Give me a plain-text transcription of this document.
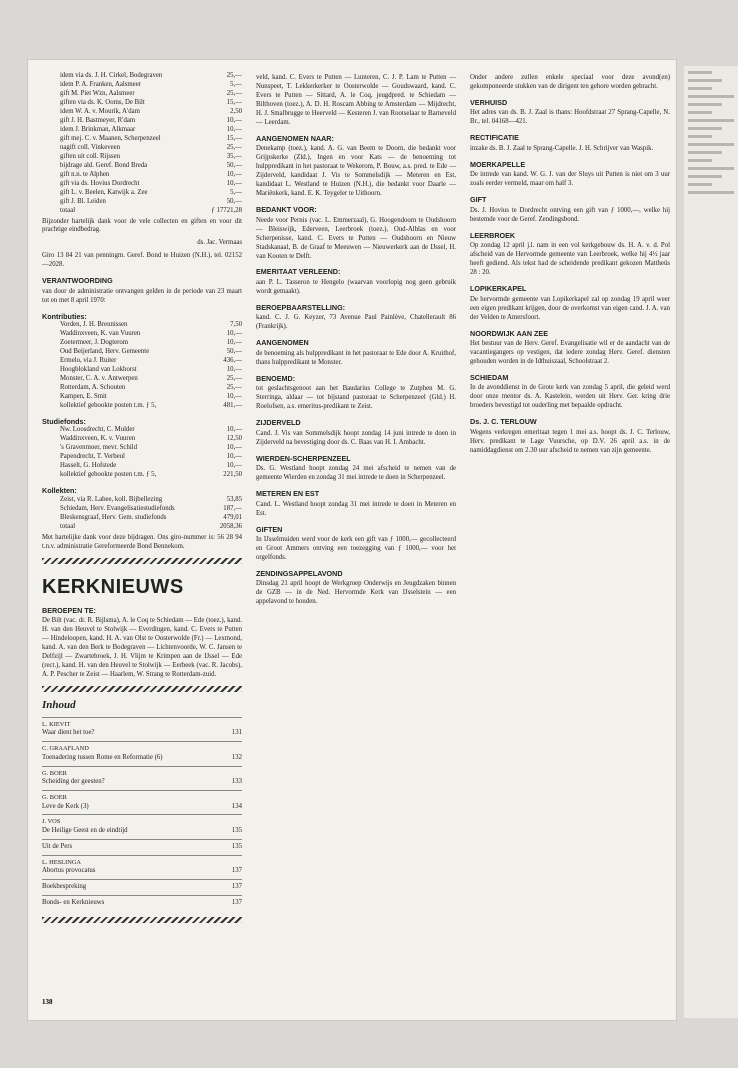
idem via ds. J. H. Cirkel, Bodegraven	25,—
idem P. A. Franken, Aalsmeer	5,—
gift M. Piet Wzn, Aalsmeer	25,—
giften via ds. K. Ooms, De Bilt	15,—
idem W. A. v. Mourik, A'dam	2,50
gift J. H. Bastmeyer, R'dam	10,—
idem J. Brinkman, Alkmaar	10,—
gift mej. C. v. Maanen, Scherpenzeel	15,—
nagift coll. Vinkeveen	25,—
giften uit coll. Rijssen	35,—
bijdrage ald. Geref. Bond Breda	50,—
gift n.n. te Alphen	10,—
gift via ds. Hovius Dordrecht	10,—
gift L. v. Beelen, Katwijk a. Zee	5,—
gift J. Bl. Leiden	50,—
totaal	ƒ 17721,28

Bijzonder hartelijk dank voor de vele collecten en giften en voor dit prachtige eindbedrag.

ds. Jac. Vermaas

Giro 13 84 21 van penningm. Geref. Bond te Huizen (N.H.), tel. 02152—2028.

VERANTWOORDING

van door de administratie ontvangen gelden in de periode van 23 maart tot en met 8 april 1970:

Kontributies:
Vorden, J. H. Breunissen	7,50
Waddinxveen, K. van Vuuren	10,—
Zoetermeer, J. Dogterom	10,—
Oud Beijerland, Herv. Gemeente	50,—
Ermelo, via J. Ruiter	436,—
Hoogblokland van Lokhorst	10,—
Monster, C. A. v. Antwerpen	25,—
Rotterdam, A. Schouten	25,—
Kampen, E. Smit	10,—
kollektief gebookte posten t.m. ƒ 5,	481,—
Studiefonds:
Nw. Loosdrecht, C. Mulder	10,—
Waddinxveen, K. v. Vuuren	12,50
's Gravenmoer, mevr. Schild	10,—
Papendrecht, T. Verbeul	10,—
Hasselt, G. Hofstede	10,—
kollektief gebookte posten t.m. ƒ 5,	221,50
Kollekten:
Zeist, via R. Labee, koll. Bijbellezing	53,85
Schiedam, Herv. Evangelisatiestudiefonds	187,—
Bleskensgraaf, Herv. Gem. studiefonds	479,01
totaal	2058,36

Met hartelijke dank voor deze bijdragen. Ons giro-nummer is: 56 28 94 t.n.v. administratie Gereformeerde Bond Bennekom.

KERKNIEUWS
BEROEPEN TE:

De Bilt (vac. dr. R. Bijlsma), A. le Coq te Schiedam — Ede (toez.), kand. H. van den Heuvel te Stolwijk — Everdingen, kand. C. Evers te Putten — Hindeloopen, kand. H. A. van Olst te Oosterwolde (Fr.) — Lexmond, kand. A. van den Berk te Bodegraven — Lichtenvoorde, W. C. Jansen te Delfzijl — Zwartebroek, J. H. Vlijm te Krimpen aan de IJssel — Ede (rect.), kand. H. van den Heuvel te Stolwijk — Eerbeek (vac. R. Jacobs), A. P. Pescher te Zeist — Haarlem, W. Strang te Rotterdam-zuid.

Inhoud
L. KIEVIT
Waar dient het toe?	131
C. GRAAFLAND
Toenadering tussen Rome en Reformatie (6)	132
G. BOER
Scheiding der geesten?	133
G. BOER
Leve de Kerk (3)	134
J. VOS
De Heilige Geest en de eindtijd	135
Uit de Pers	135
L. HESLINGA
Abortus provocatus	137
Boekbespreking	137
Bonds- en Kerknieuws	137

veld, kand. C. Evers te Putten — Lunteren, C. J. P. Lam te Putten — Nunspeet, T. Lekkerkerker te Oosterwolde — Goudswaard, kand. C. Evers te Putten — Sittard, A. le Coq, jeugdpred. te Schiedam — Bilthoven (toez.), A. D. H. Roscam Abbing te Amsterdam — Mijdrecht, H. J. Smalbrugge te Heerveld — Kesteren J. van Rootselaar te Barneveld — Leerdam.

AANGENOMEN NAAR:

Denekamp (toez.), kand. A. G. van Beem te Doorn, die bedankt voor Grijpskerke (Zld.), Ingen en voor Kats — de benoeming tot hulppredikant in het pastoraat te Wekerom, P. Bouw, a.s. pred. te Ede — Zijderveld, kandidaat J. Vis te Sommelsdijk — Meteren en Est, kandidaat L. Westland te Huizen (N.H.), die bedankt voor Daarle — Mariënkerk, kand. E. K. Teygeler te Uithoorn.

BEDANKT VOOR:

Neede voor Pernis (vac. L. Emmerzaal), G. Hoogendoorn te Oudshoorn — Bleiswijk, Ederveen, Leerbroek (toez.), Oud-Alblas en voor Scherpenisse, kand. C. Evers te Putten — Oudshoorn en Nieuw Stadskanaal, B. de Graaf te Meeuwen — Nieuwerkerk aan de IJssel, H. van Kooten te Delft.

EMERITAAT VERLEEND:

aan P. L. Tasseron te Hengelo (waarvan voorlopig nog geen gebruik wordt gemaakt).

BEROEPBAARSTELLING:

kand. C. J. G. Keyzer, 73 Avenue Paul Painlève, Chatellerault 86 (Frankrijk).

AANGENOMEN

de benoeming als hulppredikant in het pastoraat te Ede door A. Kruithof, thans hulppredikant te Monster.

BENOEMD:

tot geslachtsgenoot aan het Baudarius College te Zutphen M. G. Sterringa, aldaar — tot bijstand pastoraat te Scherpenzeel (Gld.) H. Roelofsen, a.s. emeritus-predikant te Zeist.

ZIJDERVELD

Cand. J. Vis van Sommelsdijk hoopt zondag 14 juni intrede te doen in Zijderveld na bevestiging door ds. C. Baas van H. I. Ambacht.

WIERDEN-SCHERPENZEEL

Ds. G. Westland hoopt zondag 24 mei afscheid te nemen van de gemeente Wierden en zondag 31 mei intrede te doen in Scherpenzeel.

METEREN EN EST

Cand. L. Westland hoopt zondag 31 mei intrede te doen in Meteren en Est.

GIFTEN

In IJsselmuiden werd voor de kerk een gift van ƒ 1000,— gecollecteerd en Groot Ammers ontving een toezegging van ƒ 1000,— voor het orgelfonds.

ZENDINGSAPPELAVOND

Dinsdag 21 april hoopt de Werkgroep Onderwijs en Jeugdzaken binnen de GZB — in de Ned. Hervormde Kerk van IJsselstein — een appelavond te houden.

Onder andere zullen enkele speciaal voor deze avond(en) gekomponeerde stukken van de dirigent ten gehore worden gebracht.

VERHUISD

Het adres van ds. B. J. Zaal is thans: Hoofdstraat 27 Sprang-Capelle, N. Br., tel. 04168—421.

RECTIFICATIE

inzake ds. B. J. Zaal te Sprang-Capelle. J. H. Schrijver van Waspik.

MOERKAPELLE

De intrede van kand. W. G. J. van der Sluys uit Putten is niet om 3 uur zoals eerder vermeld, maar om half 3.

GIFT

Ds. J. Hovius te Dordrecht ontving een gift van ƒ 1000,—, welke hij bestemde voor de Geref. Zendingsbond.

LEERBROEK

Op zondag 12 april j.l. nam in een vol kerkgebouw ds. H. A. v. d. Pol afscheid van de Hervormde gemeente van Leerbroek, welke hij 4½ jaar heeft gediend. Als tekst had de scheidende predikant gekozen Mattheüs 28 : 20.

LOPIKERKAPEL

De hervormde gemeente van Lopikerkapel zal op zondag 19 april weer een eigen predikant krijgen, door de overkomst van eigen cand. J. A. van der Velden te Amersfoort.

NOORDWIJK AAN ZEE

Het bestuur van de Herv. Geref. Evangelisatie wil er de aandacht van de vacantiegangers op vestigen, dat iedere zondag Herv. Geref. diensten gehouden worden in de Idthuiszaal, Schoolstraat 2.

SCHIEDAM

In de avonddienst in de Grote kerk van zondag 5 april, die geleid werd door onze mentor ds. A. Kastelein, werden uit Herv. Ger. kring drie broeders bevestigd tot ouderling met bepaalde opdracht.

Ds. J. C. TERLOUW

Wegens verkregen emeritaat tegen 1 mei a.s. hoopt ds. J. C. Terlouw, Herv. predikant te Lage Vuursche, op D.V. 26 april a.s. in de namiddagdienst om 2.30 uur afscheid te nemen van zijn gemeente.

138
